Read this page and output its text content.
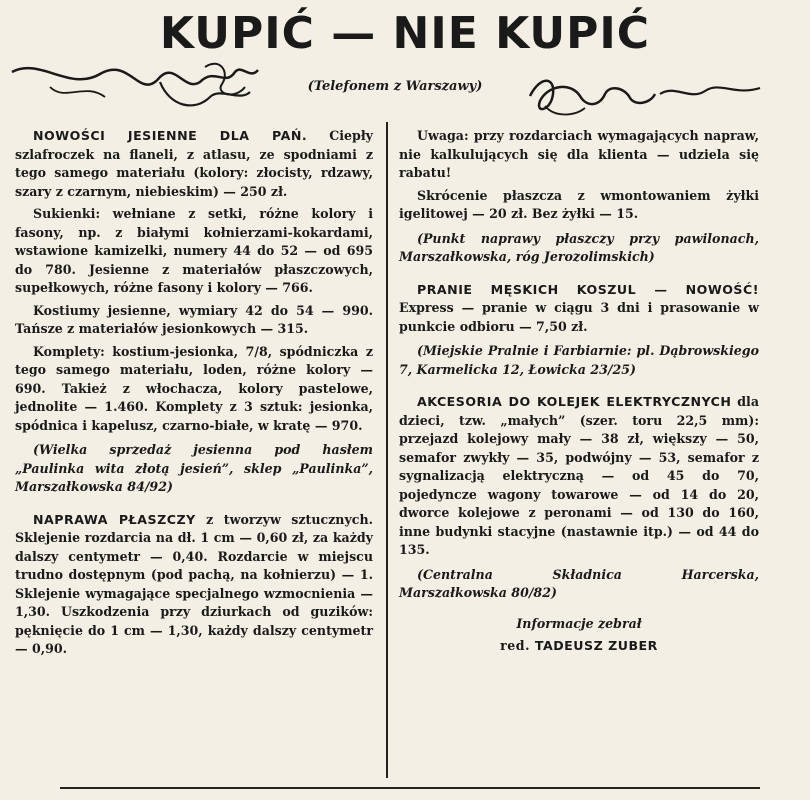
KUPIĆ — NIE KUPIĆ
(Telefonem z Warszawy)

NOWOŚCI JESIENNE DLA PAŃ. Ciepły szlafroczek na flaneli, z atlasu, ze spodniami z tego samego materiału (kolory: złocisty, rdzawy, szary z czarnym, niebieskim) — 250 zł.

Sukienki: wełniane z setki, różne kolory i fasony, np. z białymi kołnierzami-kokardami, wstawione kamizelki, numery 44 do 52 — od 695 do 780. Jesienne z materiałów płaszczowych, supełkowych, różne fasony i kolory — 766.

Kostiumy jesienne, wymiary 42 do 54 — 990. Tańsze z materiałów jesionkowych — 315.

Komplety: kostium-jesionka, 7/8, spódniczka z tego samego materiału, loden, różne kolory — 690. Takież z włochacza, kolory pastelowe, jednolite — 1.460. Komplety z 3 sztuk: jesionka, spódnica i kapelusz, czarno-białe, w kratę — 970.

(Wielka sprzedaż jesienna pod hasłem „Paulinka wita złotą jesień”, sklep „Paulinka”, Marszałkowska 84/92)

NAPRAWA PŁASZCZY z tworzyw sztucznych. Sklejenie rozdarcia na dł. 1 cm — 0,60 zł, za każdy dalszy centymetr — 0,40. Rozdarcie w miejscu trudno dostępnym (pod pachą, na kołnierzu) — 1. Sklejenie wymagające specjalnego wzmocnienia — 1,30. Uszkodzenia przy dziurkach od guzików: pęknięcie do 1 cm — 1,30, każdy dalszy centymetr — 0,90.

Uwaga: przy rozdarciach wymagających napraw, nie kalkulujących się dla klienta — udziela się rabatu!

Skrócenie płaszcza z wmontowaniem żyłki igelitowej — 20 zł. Bez żyłki — 15.

(Punkt naprawy płaszczy przy pawilonach, Marszałkowska, róg Jerozolimskich)

PRANIE MĘSKICH KOSZUL — NOWOŚĆ! Express — pranie w ciągu 3 dni i prasowanie w punkcie odbioru — 7,50 zł.

(Miejskie Pralnie i Farbiarnie: pl. Dąbrowskiego 7, Karmelicka 12, Łowicka 23/25)

AKCESORIA DO KOLEJEK ELEKTRYCZNYCH dla dzieci, tzw. „małych” (szer. toru 22,5 mm): przejazd kolejowy mały — 38 zł, większy — 50, semafor zwykły — 35, podwójny — 53, semafor z sygnalizacją elektryczną — od 45 do 70, pojedyncze wagony towarowe — od 14 do 20, dworce kolejowe z peronami — od 130 do 160, inne budynki stacyjne (nastawnie itp.) — od 44 do 135.

(Centralna Składnica Harcerska, Marszałkowska 80/82)

Informacje zebrał

red. TADEUSZ ZUBER
